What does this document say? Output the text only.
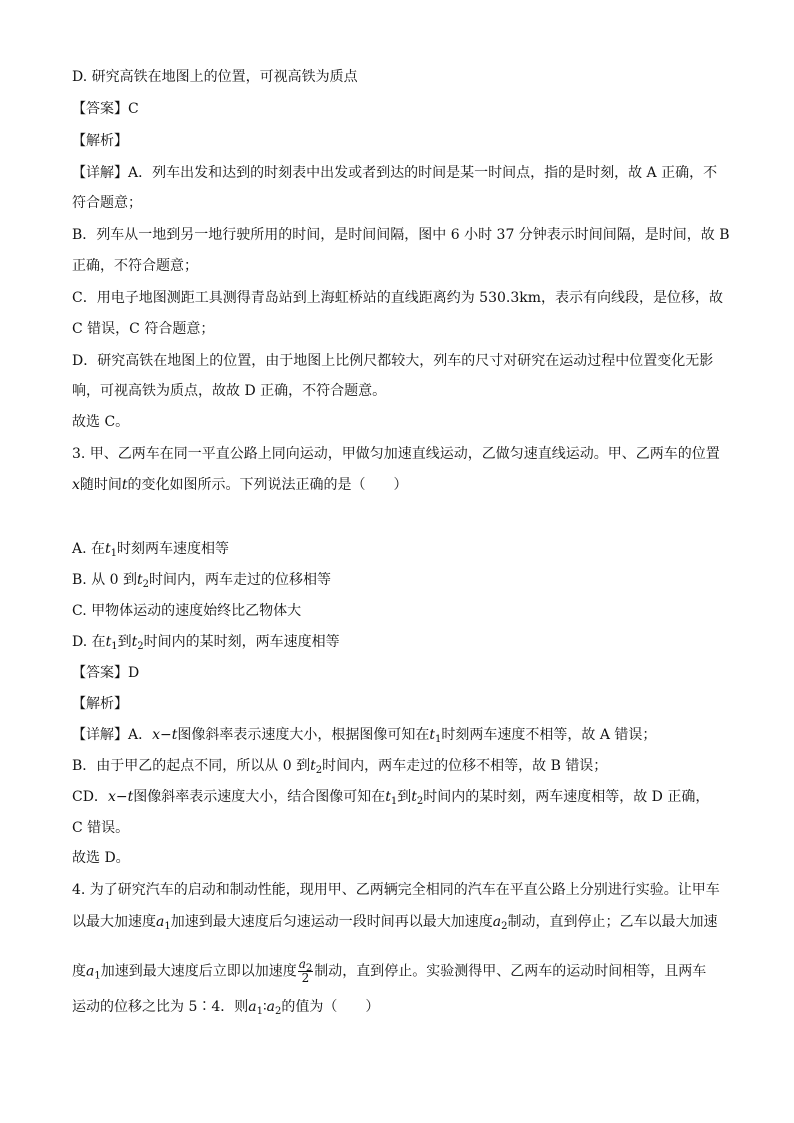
D. 研究高铁在地图上的位置，可视高铁为质点
【答案】C
【解析】
【详解】A．列车出发和达到的时刻表中出发或者到达的时间是某一时间点，指的是时刻，故 A 正确，不
符合题意；
B．列车从一地到另一地行驶所用的时间，是时间间隔，图中 6 小时 37 分钟表示时间间隔，是时间，故 B
正确，不符合题意；
C．用电子地图测距工具测得青岛站到上海虹桥站的直线距离约为 530.3km，表示有向线段，是位移，故
C 错误，C 符合题意；
D．研究高铁在地图上的位置，由于地图上比例尺都较大，列车的尺寸对研究在运动过程中位置变化无影
响，可视高铁为质点，故故 D 正确，不符合题意。
故选 C。
3. 甲、乙两车在同一平直公路上同向运动，甲做匀加速直线运动，乙做匀速直线运动。甲、乙两车的位置
x随时间t的变化如图所示。下列说法正确的是（　　）
A. 在$t_1$时刻两车速度相等
B. 从 0 到$t_2$时间内，两车走过的位移相等
C. 甲物体运动的速度始终比乙物体大
D. 在$t_1$到$t_2$时间内的某时刻，两车速度相等
【答案】D
【解析】
【详解】A．x−t图像斜率表示速度大小，根据图像可知在$t_1$时刻两车速度不相等，故 A 错误；
B．由于甲乙的起点不同，所以从 0 到$t_2$时间内，两车走过的位移不相等，故 B 错误；
CD．x−t图像斜率表示速度大小，结合图像可知在$t_1$到$t_2$时间内的某时刻，两车速度相等，故 D 正确，
C 错误。
故选 D。
4. 为了研究汽车的启动和制动性能，现用甲、乙两辆完全相同的汽车在平直公路上分别进行实验。让甲车
以最大加速度$a_1$加速到最大速度后匀速运动一段时间再以最大加速度$a_2$制动，直到停止；乙车以最大加速
度$a_1$加速到最大速度后立即以加速度 $\frac{a_2}{2}$ 制动，直到停止。实验测得甲、乙两车的运动时间相等，且两车
运动的位移之比为 5∶4．则$a_1∶a_2$的值为（　　）
